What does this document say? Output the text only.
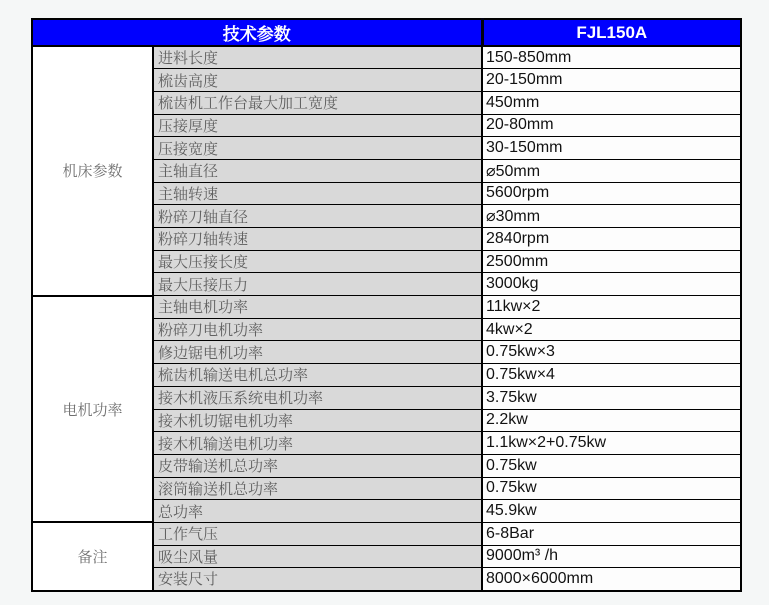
技术参数		FJL150A
机床参数	进料长度	150-850mm
	梳齿高度	20-150mm
	梳齿机工作台最大加工宽度	450mm
	压接厚度	20-80mm
	压接宽度	30-150mm
	主轴直径	⌀50mm
	主轴转速	5600rpm
	粉碎刀轴直径	⌀30mm
	粉碎刀轴转速	2840rpm
	最大压接长度	2500mm
	最大压接压力	3000kg
电机功率	主轴电机功率	11kw×2
	粉碎刀电机功率	4kw×2
	修边锯电机功率	0.75kw×3
	梳齿机输送电机总功率	0.75kw×4
	接木机液压系统电机功率	3.75kw
	接木机切锯电机功率	2.2kw
	接木机输送电机功率	1.1kw×2+0.75kw
	皮带输送机总功率	0.75kw
	滚筒输送机总功率	0.75kw
	总功率	45.9kw
备注	工作气压	6-8Bar
	吸尘风量	9000m³ /h
	安装尺寸	8000×6000mm
